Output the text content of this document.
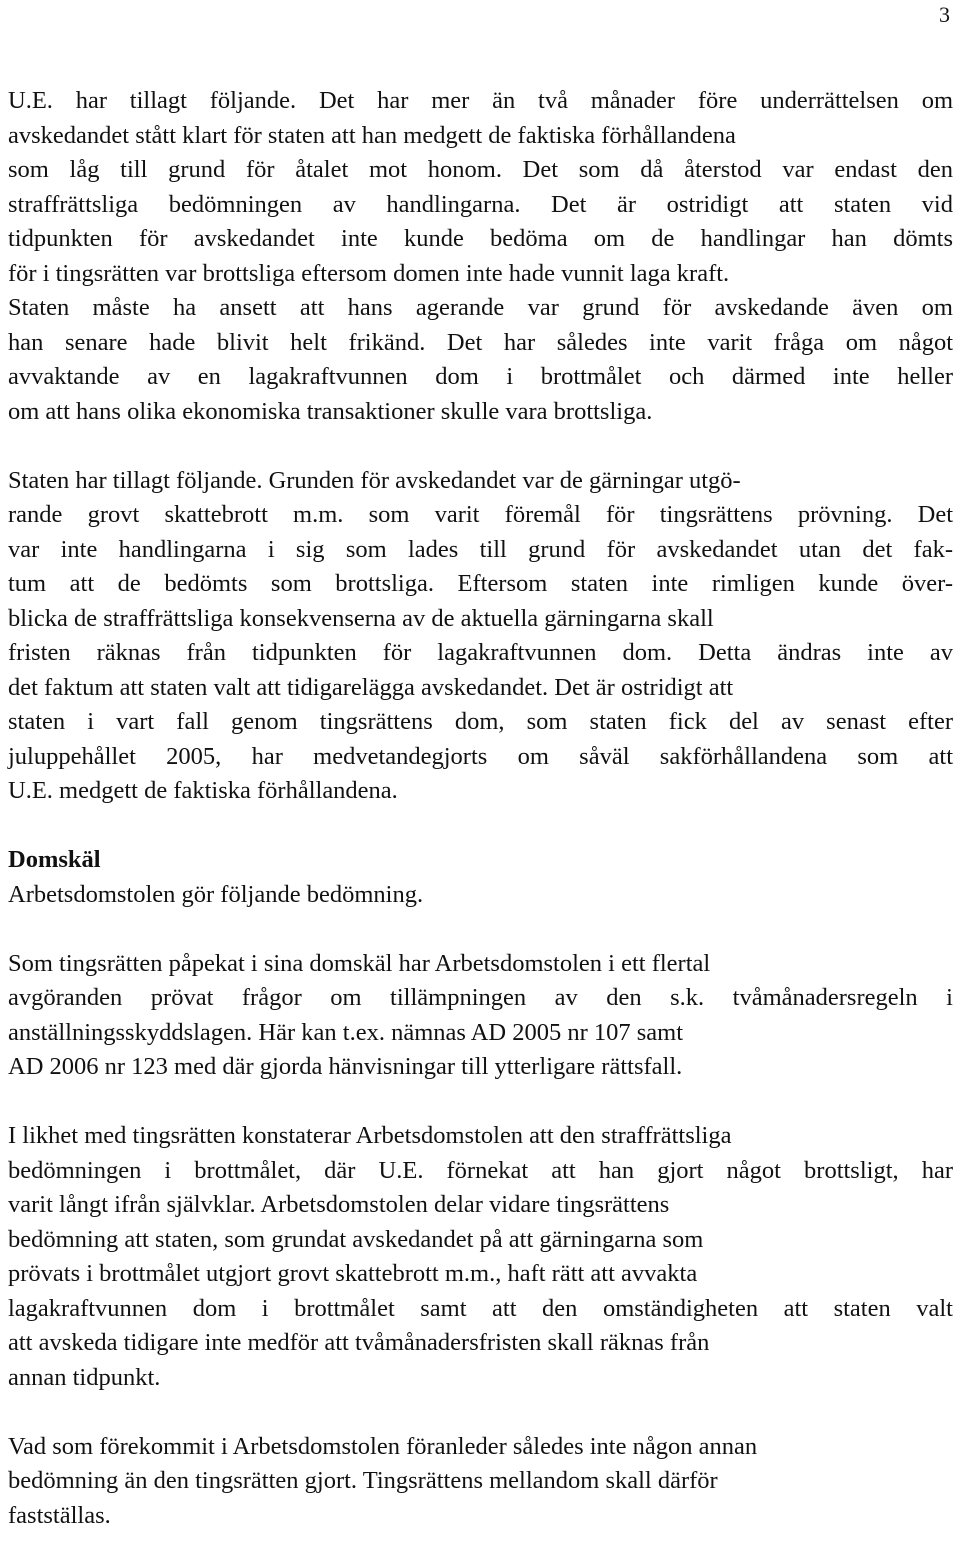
3
U.E. har tillagt följande. Det har mer än två månader före underrättelsen om
avskedandet stått klart för staten att han medgett de faktiska förhållandena
som låg till grund för åtalet mot honom. Det som då återstod var endast den
straffrättsliga bedömningen av handlingarna. Det är ostridigt att staten vid
tidpunkten för avskedandet inte kunde bedöma om de handlingar han dömts
för i tingsrätten var brottsliga eftersom domen inte hade vunnit laga kraft.
Staten måste ha ansett att hans agerande var grund för avskedande även om
han senare hade blivit helt frikänd. Det har således inte varit fråga om något
avvaktande av en lagakraftvunnen dom i brottmålet och därmed inte heller
om att hans olika ekonomiska transaktioner skulle vara brottsliga.
Staten har tillagt följande. Grunden för avskedandet var de gärningar utgö-
rande grovt skattebrott m.m. som varit föremål för tingsrättens prövning. Det
var inte handlingarna i sig som lades till grund för avskedandet utan det fak-
tum att de bedömts som brottsliga. Eftersom staten inte rimligen kunde över-
blicka de straffrättsliga konsekvenserna av de aktuella gärningarna skall
fristen räknas från tidpunkten för lagakraftvunnen dom. Detta ändras inte av
det faktum att staten valt att tidigarelägga avskedandet. Det är ostridigt att
staten i vart fall genom tingsrättens dom, som staten fick del av senast efter
juluppehållet 2005, har medvetandegjorts om såväl sakförhållandena som att
U.E. medgett de faktiska förhållandena.
Domskäl
Arbetsdomstolen gör följande bedömning.
Som tingsrätten påpekat i sina domskäl har Arbetsdomstolen i ett flertal
avgöranden prövat frågor om tillämpningen av den s.k. tvåmånadersregeln i
anställningsskyddslagen. Här kan t.ex. nämnas AD 2005 nr 107 samt
AD 2006 nr 123 med där gjorda hänvisningar till ytterligare rättsfall.
I likhet med tingsrätten konstaterar Arbetsdomstolen att den straffrättsliga
bedömningen i brottmålet, där U.E. förnekat att han gjort något brottsligt, har
varit långt ifrån självklar. Arbetsdomstolen delar vidare tingsrättens
bedömning att staten, som grundat avskedandet på att gärningarna som
prövats i brottmålet utgjort grovt skattebrott m.m., haft rätt att avvakta
lagakraftvunnen dom i brottmålet samt att den omständigheten att staten valt
att avskeda tidigare inte medför att tvåmånadersfristen skall räknas från
annan tidpunkt.
Vad som förekommit i Arbetsdomstolen föranleder således inte någon annan
bedömning än den tingsrätten gjort. Tingsrättens mellandom skall därför
fastställas.
